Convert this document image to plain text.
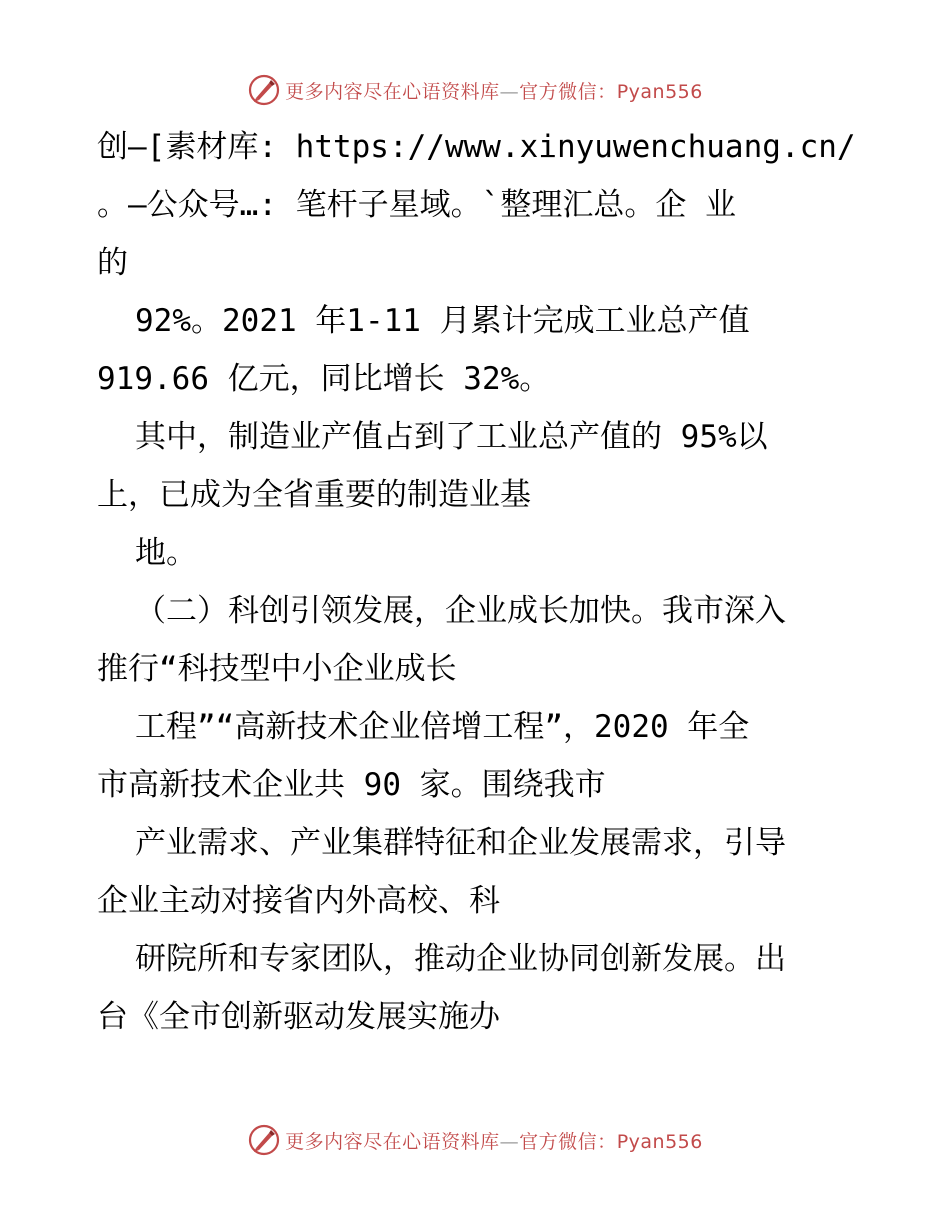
更多内容尽在心语资料库—官方微信：Pyan556
创—[素材库: https://www.xinyuwenchuang.cn/
。—公众号…: 笔杆子星域。`整理汇总。企 业
的
92%。2021 年1-11 月累计完成工业总产值
919.66 亿元，同比增长 32%。
其中，制造业产值占到了工业总产值的 95%以
上，已成为全省重要的制造业基
地。
（二）科创引领发展，企业成长加快。我市深入
推行“科技型中小企业成长
工程”“高新技术企业倍增工程”，2020 年全
市高新技术企业共 90 家。围绕我市
产业需求、产业集群特征和企业发展需求，引导
企业主动对接省内外高校、科
研院所和专家团队，推动企业协同创新发展。出
台《全市创新驱动发展实施办
更多内容尽在心语资料库—官方微信：Pyan556
